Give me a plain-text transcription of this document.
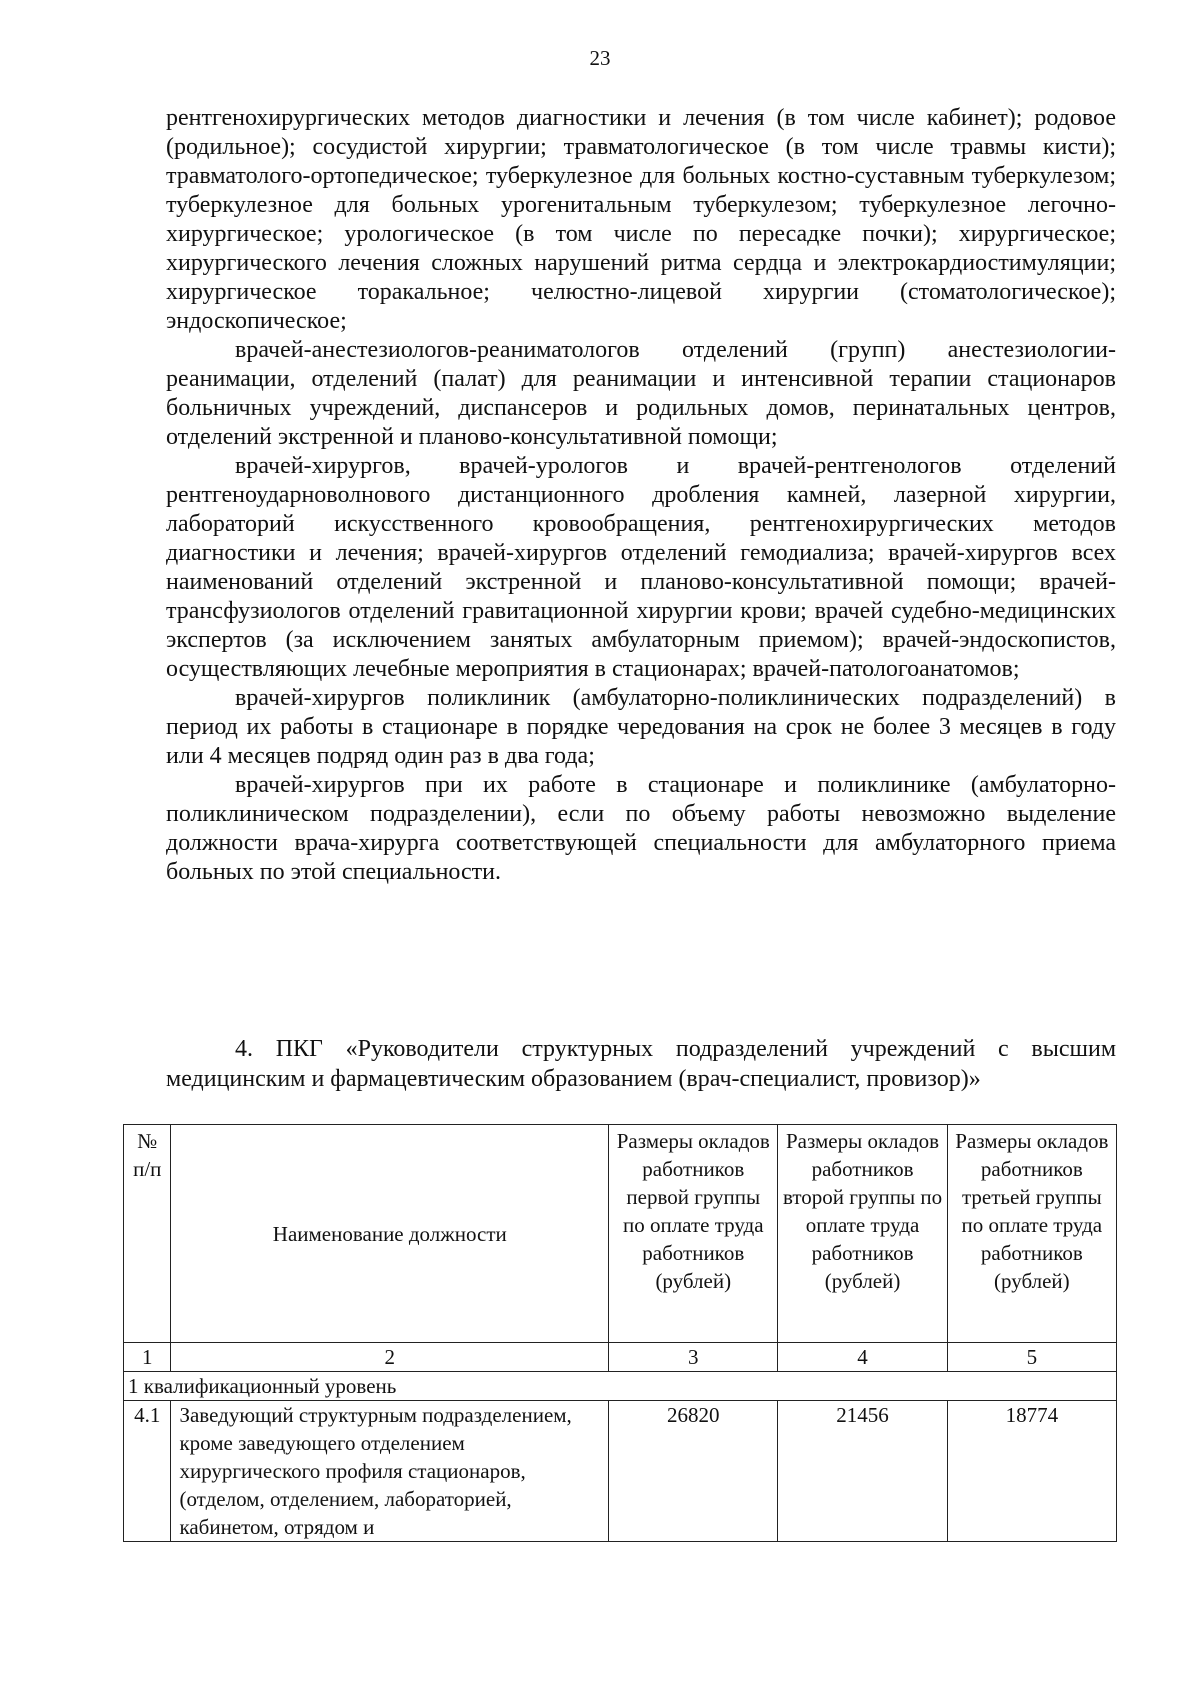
23

рентгенохирургических методов диагностики и лечения (в том числе кабинет); родовое (родильное); сосудистой хирургии; травматологическое (в том числе травмы кисти); травматолого-ортопедическое; туберкулезное для больных костно-суставным туберкулезом; туберкулезное для больных урогенитальным туберкулезом; туберкулезное легочно-хирургическое; урологическое (в том числе по пересадке почки); хирургическое; хирургического лечения сложных нарушений ритма сердца и электрокардиостимуляции; хирургическое торакальное; челюстно-лицевой хирургии (стоматологическое); эндоскопическое;

врачей-анестезиологов-реаниматологов отделений (групп) анестезиологии-реанимации, отделений (палат) для реанимации и интенсивной терапии стационаров больничных учреждений, диспансеров и родильных домов, перинатальных центров, отделений экстренной и планово-консультативной помощи;

врачей-хирургов, врачей-урологов и врачей-рентгенологов отделений рентгеноударноволнового дистанционного дробления камней, лазерной хирургии, лабораторий искусственного кровообращения, рентгенохирургических методов диагностики и лечения; врачей-хирургов отделений гемодиализа; врачей-хирургов всех наименований отделений экстренной и планово-консультативной помощи; врачей-трансфузиологов отделений гравитационной хирургии крови; врачей судебно-медицинских экспертов (за исключением занятых амбулаторным приемом); врачей-эндоскопистов, осуществляющих лечебные мероприятия в стационарах; врачей-патологоанатомов;

врачей-хирургов поликлиник (амбулаторно-поликлинических подразделений) в период их работы в стационаре в порядке чередования на срок не более 3 месяцев в году или 4 месяцев подряд один раз в два года;

врачей-хирургов при их работе в стационаре и поликлинике (амбулаторно-поликлиническом подразделении), если по объему работы невозможно выделение должности врача-хирурга соответствующей специальности для амбулаторного приема больных по этой специальности.

4. ПКГ «Руководители структурных подразделений учреждений с высшим медицинским и фармацевтическим образованием (врач-специалист, провизор)»
№ п/п	Наименование должности	Размеры окладов работников первой группы по оплате труда работников (рублей)	Размеры окладов работников второй группы по оплате труда работников (рублей)	Размеры окладов работников третьей группы по оплате труда работников (рублей)
1	2	3	4	5
1 квалификационный уровень				
4.1	Заведующий структурным подразделением, кроме заведующего отделением хирургического профиля стационаров, (отделом, отделением, лабораторией, кабинетом, отрядом и	26820	21456	18774
